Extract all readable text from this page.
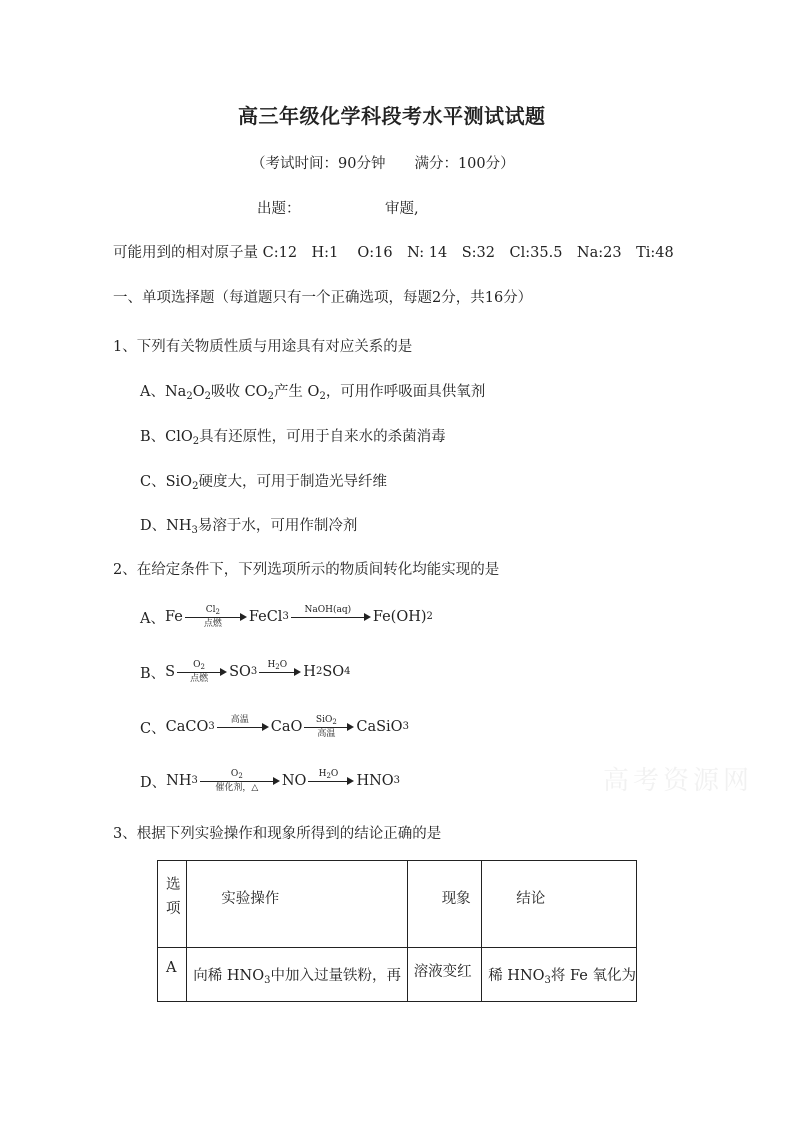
高三年级化学科段考水平测试试题
（考试时间：90分钟　　满分：100分）
出题：	审题,
可能用到的相对原子量 C:12　H:1　 O:16　N: 14　S:32　Cl:35.5　Na:23　Ti:48
一、单项选择题（每道题只有一个正确选项，每题2分，共16分）
1、下列有关物质性质与用途具有对应关系的是
A、$Na_2O_2$吸收 $CO_2$产生 $O_2$，可用作呼吸面具供氧剂
B、ClO$_2$具有还原性，可用于自来水的杀菌消毒
C、SiO$_2$硬度大，可用于制造光导纤维
D、$NH_3$易溶于水，可用作制冷剂
2、在给定条件下，下列选项所示的物质间转化均能实现的是
A、 Fe	$Cl_2$
点燃	FeCl 3
NaOH(aq)	Fe(OH) 2
B、 S	$O_2$
点燃	SO 3
$H_2O$	H 2 SO 4
C、 CaCO 3
高温	CaO	SiO$_2$
高温	CaSiO 3
D、 NH 3
$O_2$
催化剂，△	NO	$H_2O$	HNO 3
3、根据下列实验操作和现象所得到的结论正确的是
选
项	实验操作	现象	结论
A	向稀 $HNO_3$中加入过量铁粉，再	溶液变红	稀 $HNO_3$将 Fe 氧化为
高考资源网
